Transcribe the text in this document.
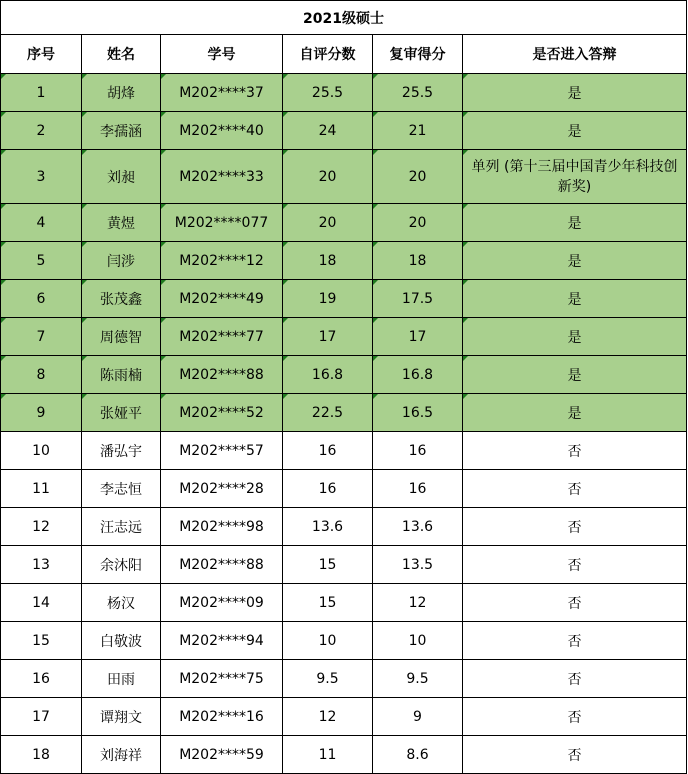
2021级硕士					
序号	姓名	学号	自评分数	复审得分	是否进入答辩
1	胡烽	M202****37	25.5	25.5	是

2	李孺涵	M202****40	24	21	是

3	刘昶	M202****33	20	20	单列 (第十三届中国青少年科技创新奖)

4	黄煜	M202****077	20	20	是

5	闫涉	M202****12	18	18	是

6	张茂鑫	M202****49	19	17.5	是

7	周德智	M202****77	17	17	是

8	陈雨楠	M202****88	16.8	16.8	是

9	张娅平	M202****52	22.5	16.5	是

10	潘弘宇	M202****57	16	16	否
11	李志恒	M202****28	16	16	否
12	汪志远	M202****98	13.6	13.6	否
13	余沐阳	M202****88	15	13.5	否
14	杨汉	M202****09	15	12	否
15	白敬波	M202****94	10	10	否
16	田雨	M202****75	9.5	9.5	否
17	谭翔文	M202****16	12	9	否
18	刘海祥	M202****59	11	8.6	否
